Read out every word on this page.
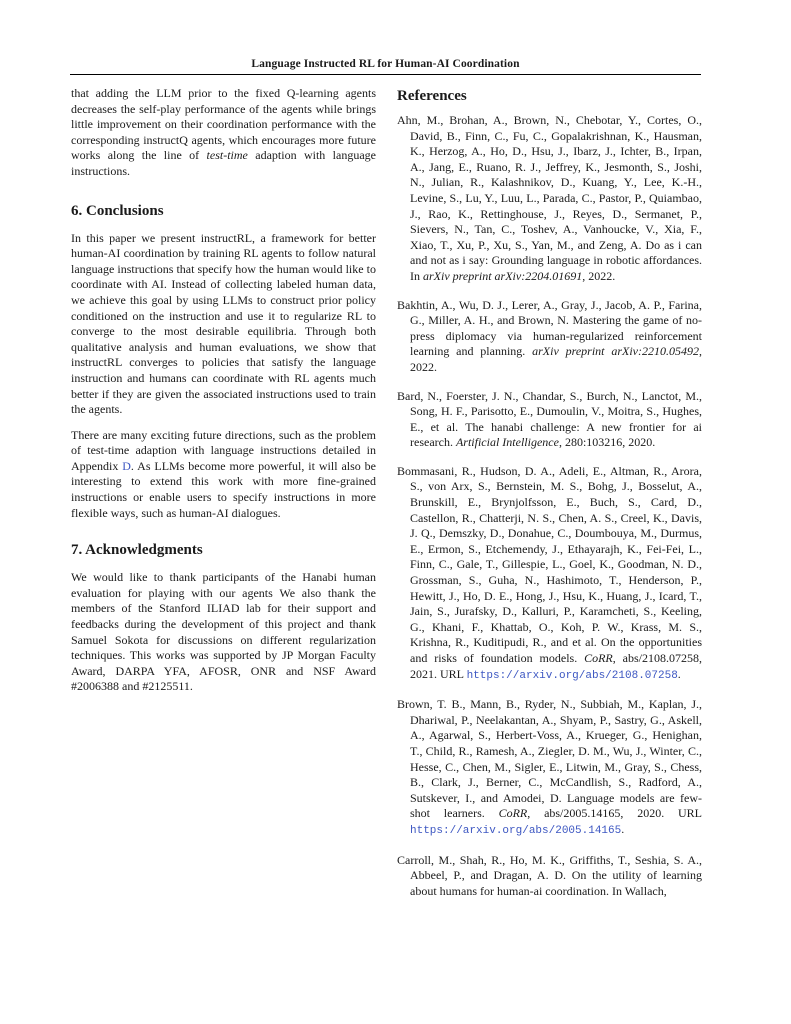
Language Instructed RL for Human-AI Coordination

that adding the LLM prior to the fixed Q-learning agents decreases the self-play performance of the agents while brings little improvement on their coordination performance with the corresponding instructQ agents, which encourages more future works along the line of test-time adaption with language instructions.

6. Conclusions

In this paper we present instructRL, a framework for better human-AI coordination by training RL agents to follow natural language instructions that specify how the human would like to coordinate with AI. Instead of collecting labeled human data, we achieve this goal by using LLMs to construct prior policy conditioned on the instruction and use it to regularize RL to converge to the most desirable equilibria. Through both qualitative analysis and human evaluations, we show that instructRL converges to policies that satisfy the language instruction and humans can coordinate with RL agents much better if they are given the associated instructions used to train the agents.

There are many exciting future directions, such as the problem of test-time adaption with language instructions detailed in Appendix D. As LLMs become more powerful, it will also be interesting to extend this work with more fine-grained instructions or enable users to specify instructions in more flexible ways, such as human-AI dialogues.

7. Acknowledgments

We would like to thank participants of the Hanabi human evaluation for playing with our agents We also thank the members of the Stanford ILIAD lab for their support and feedbacks during the development of this project and thank Samuel Sokota for discussions on different regularization techniques. This works was supported by JP Morgan Faculty Award, DARPA YFA, AFOSR, ONR and NSF Award #2006388 and #2125511.

References

Ahn, M., Brohan, A., Brown, N., Chebotar, Y., Cortes, O., David, B., Finn, C., Fu, C., Gopalakrishnan, K., Hausman, K., Herzog, A., Ho, D., Hsu, J., Ibarz, J., Ichter, B., Irpan, A., Jang, E., Ruano, R. J., Jeffrey, K., Jesmonth, S., Joshi, N., Julian, R., Kalashnikov, D., Kuang, Y., Lee, K.-H., Levine, S., Lu, Y., Luu, L., Parada, C., Pastor, P., Quiambao, J., Rao, K., Rettinghouse, J., Reyes, D., Sermanet, P., Sievers, N., Tan, C., Toshev, A., Vanhoucke, V., Xia, F., Xiao, T., Xu, P., Xu, S., Yan, M., and Zeng, A. Do as i can and not as i say: Grounding language in robotic affordances. In arXiv preprint arXiv:2204.01691, 2022.

Bakhtin, A., Wu, D. J., Lerer, A., Gray, J., Jacob, A. P., Farina, G., Miller, A. H., and Brown, N. Mastering the game of no-press diplomacy via human-regularized reinforcement learning and planning. arXiv preprint arXiv:2210.05492, 2022.

Bard, N., Foerster, J. N., Chandar, S., Burch, N., Lanctot, M., Song, H. F., Parisotto, E., Dumoulin, V., Moitra, S., Hughes, E., et al. The hanabi challenge: A new frontier for ai research. Artificial Intelligence, 280:103216, 2020.

Bommasani, R., Hudson, D. A., Adeli, E., Altman, R., Arora, S., von Arx, S., Bernstein, M. S., Bohg, J., Bosselut, A., Brunskill, E., Brynjolfsson, E., Buch, S., Card, D., Castellon, R., Chatterji, N. S., Chen, A. S., Creel, K., Davis, J. Q., Demszky, D., Donahue, C., Doumbouya, M., Durmus, E., Ermon, S., Etchemendy, J., Ethayarajh, K., Fei-Fei, L., Finn, C., Gale, T., Gillespie, L., Goel, K., Goodman, N. D., Grossman, S., Guha, N., Hashimoto, T., Henderson, P., Hewitt, J., Ho, D. E., Hong, J., Hsu, K., Huang, J., Icard, T., Jain, S., Jurafsky, D., Kalluri, P., Karamcheti, S., Keeling, G., Khani, F., Khattab, O., Koh, P. W., Krass, M. S., Krishna, R., Kuditipudi, R., and et al. On the opportunities and risks of foundation models. CoRR, abs/2108.07258, 2021. URL https://arxiv.org/abs/2108.07258.

Brown, T. B., Mann, B., Ryder, N., Subbiah, M., Kaplan, J., Dhariwal, P., Neelakantan, A., Shyam, P., Sastry, G., Askell, A., Agarwal, S., Herbert-Voss, A., Krueger, G., Henighan, T., Child, R., Ramesh, A., Ziegler, D. M., Wu, J., Winter, C., Hesse, C., Chen, M., Sigler, E., Litwin, M., Gray, S., Chess, B., Clark, J., Berner, C., McCandlish, S., Radford, A., Sutskever, I., and Amodei, D. Language models are few-shot learners. CoRR, abs/2005.14165, 2020. URL https://arxiv.org/abs/2005.14165.

Carroll, M., Shah, R., Ho, M. K., Griffiths, T., Seshia, S. A., Abbeel, P., and Dragan, A. D. On the utility of learning about humans for human-ai coordination. In Wallach,
